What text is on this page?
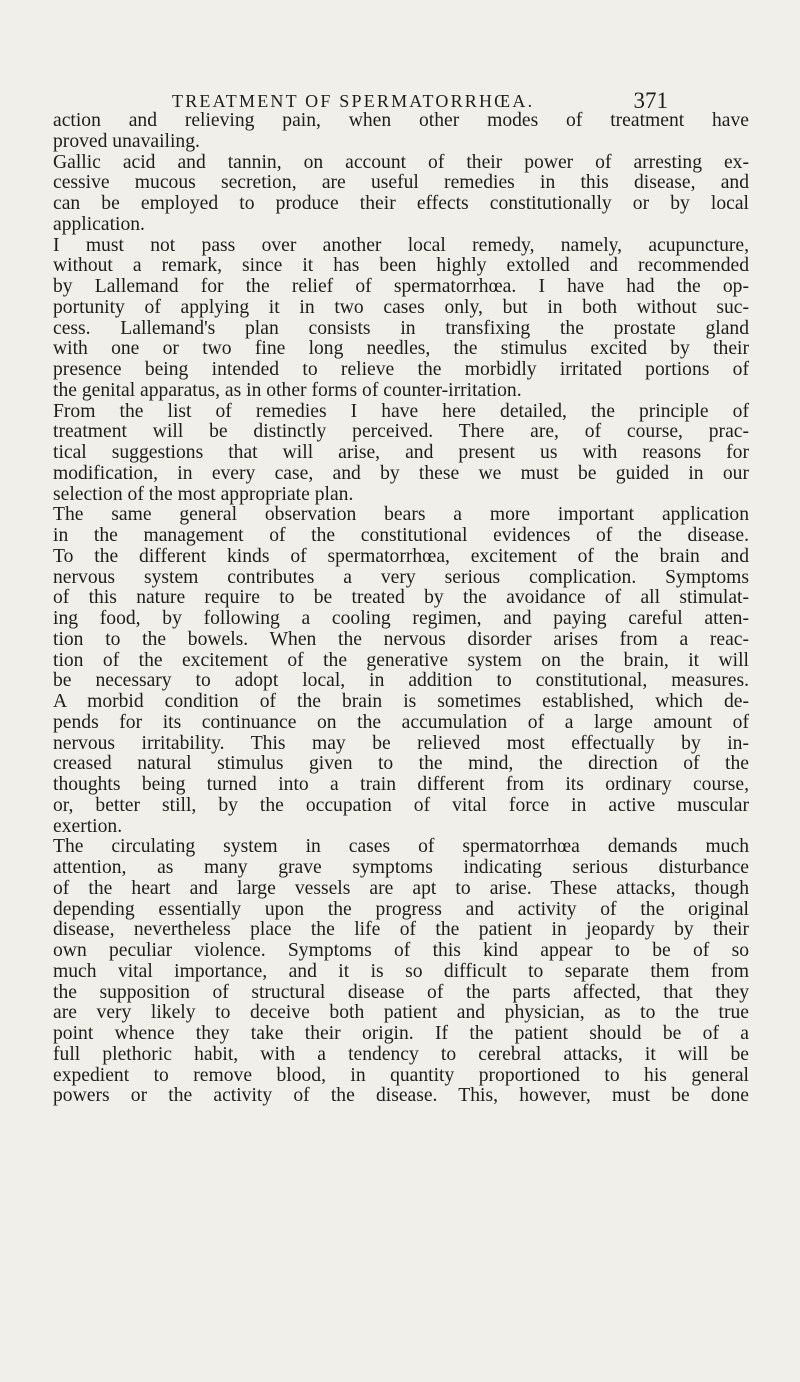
TREATMENT OF SPERMATORRHŒA.	371
action and relieving pain, when other modes of treatment have
proved unavailing.
Gallic acid and tannin, on account of their power of arresting ex-
cessive mucous secretion, are useful remedies in this disease, and
can be employed to produce their effects constitutionally or by local
application.
I must not pass over another local remedy, namely, acupuncture,
without a remark, since it has been highly extolled and recommended
by Lallemand for the relief of spermatorrhœa. I have had the op-
portunity of applying it in two cases only, but in both without suc-
cess. Lallemand's plan consists in transfixing the prostate gland
with one or two fine long needles, the stimulus excited by their
presence being intended to relieve the morbidly irritated portions of
the genital apparatus, as in other forms of counter-irritation.
From the list of remedies I have here detailed, the principle of
treatment will be distinctly perceived. There are, of course, prac-
tical suggestions that will arise, and present us with reasons for
modification, in every case, and by these we must be guided in our
selection of the most appropriate plan.
The same general observation bears a more important application
in the management of the constitutional evidences of the disease.
To the different kinds of spermatorrhœa, excitement of the brain and
nervous system contributes a very serious complication. Symptoms
of this nature require to be treated by the avoidance of all stimulat-
ing food, by following a cooling regimen, and paying careful atten-
tion to the bowels. When the nervous disorder arises from a reac-
tion of the excitement of the generative system on the brain, it will
be necessary to adopt local, in addition to constitutional, measures.
A morbid condition of the brain is sometimes established, which de-
pends for its continuance on the accumulation of a large amount of
nervous irritability. This may be relieved most effectually by in-
creased natural stimulus given to the mind, the direction of the
thoughts being turned into a train different from its ordinary course,
or, better still, by the occupation of vital force in active muscular
exertion.
The circulating system in cases of spermatorrhœa demands much
attention, as many grave symptoms indicating serious disturbance
of the heart and large vessels are apt to arise. These attacks, though
depending essentially upon the progress and activity of the original
disease, nevertheless place the life of the patient in jeopardy by their
own peculiar violence. Symptoms of this kind appear to be of so
much vital importance, and it is so difficult to separate them from
the supposition of structural disease of the parts affected, that they
are very likely to deceive both patient and physician, as to the true
point whence they take their origin. If the patient should be of a
full plethoric habit, with a tendency to cerebral attacks, it will be
expedient to remove blood, in quantity proportioned to his general
powers or the activity of the disease. This, however, must be done
